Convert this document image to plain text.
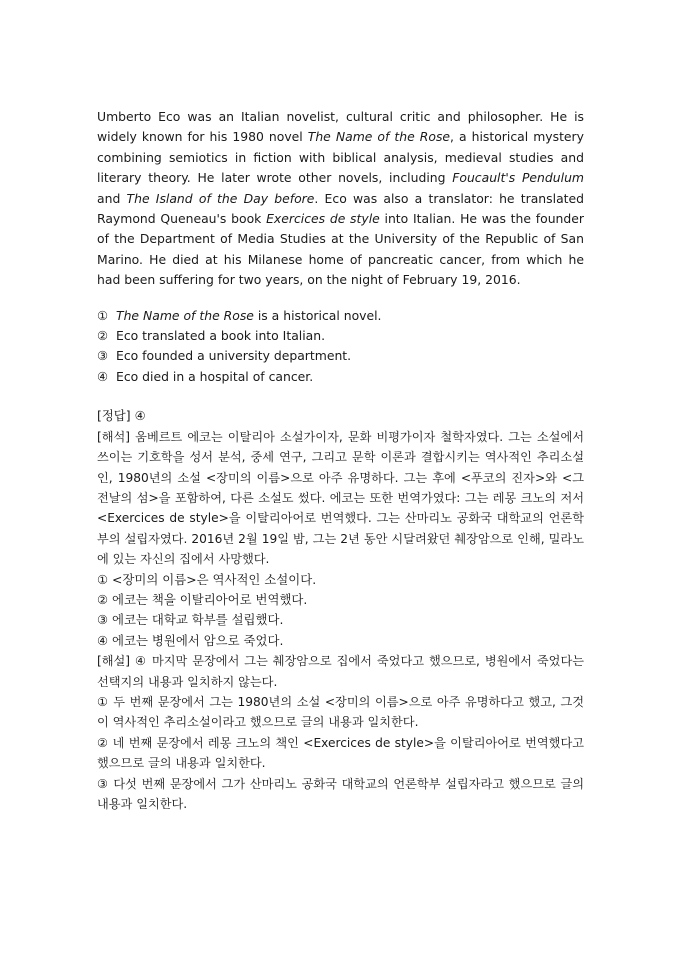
Umberto Eco was an Italian novelist, cultural critic and philosopher. He is widely known for his 1980 novel The Name of the Rose, a historical mystery combining semiotics in fiction with biblical analysis, medieval studies and literary theory. He later wrote other novels, including Foucault's Pendulum and The Island of the Day before. Eco was also a translator: he translated Raymond Queneau's book Exercices de style into Italian. He was the founder of the Department of Media Studies at the University of the Republic of San Marino. He died at his Milanese home of pancreatic cancer, from which he had been suffering for two years, on the night of February 19, 2016.

① The Name of the Rose is a historical novel.
② Eco translated a book into Italian.
③ Eco founded a university department.
④ Eco died in a hospital of cancer.
[정답] ④

[해석] 움베르트 에코는 이탈리아 소설가이자, 문화 비평가이자 철학자였다. 그는 소설에서 쓰이는 기호학을 성서 분석, 중세 연구, 그리고 문학 이론과 결합시키는 역사적인 추리소설인, 1980년의 소설 <장미의 이름>으로 아주 유명하다. 그는 후에 <푸코의 진자>와 <그 전날의 섬>을 포함하여, 다른 소설도 썼다. 에코는 또한 번역가였다: 그는 레몽 크노의 저서 <Exercices de style>을 이탈리아어로 번역했다. 그는 산마리노 공화국 대학교의 언론학부의 설립자였다. 2016년 2월 19일 밤, 그는 2년 동안 시달려왔던 췌장암으로 인해, 밀라노에 있는 자신의 집에서 사망했다.

① <장미의 이름>은 역사적인 소설이다.
② 에코는 책을 이탈리아어로 번역했다.
③ 에코는 대학교 학부를 설립했다.
④ 에코는 병원에서 암으로 죽었다.

[해설] ④ 마지막 문장에서 그는 췌장암으로 집에서 죽었다고 했으므로, 병원에서 죽었다는 선택지의 내용과 일치하지 않는다.

① 두 번째 문장에서 그는 1980년의 소설 <장미의 이름>으로 아주 유명하다고 했고, 그것이 역사적인 추리소설이라고 했으므로 글의 내용과 일치한다.

② 네 번째 문장에서 레몽 크노의 책인 <Exercices de style>을 이탈리아어로 번역했다고 했으므로 글의 내용과 일치한다.

③ 다섯 번째 문장에서 그가 산마리노 공화국 대학교의 언론학부 설립자라고 했으므로 글의 내용과 일치한다.
